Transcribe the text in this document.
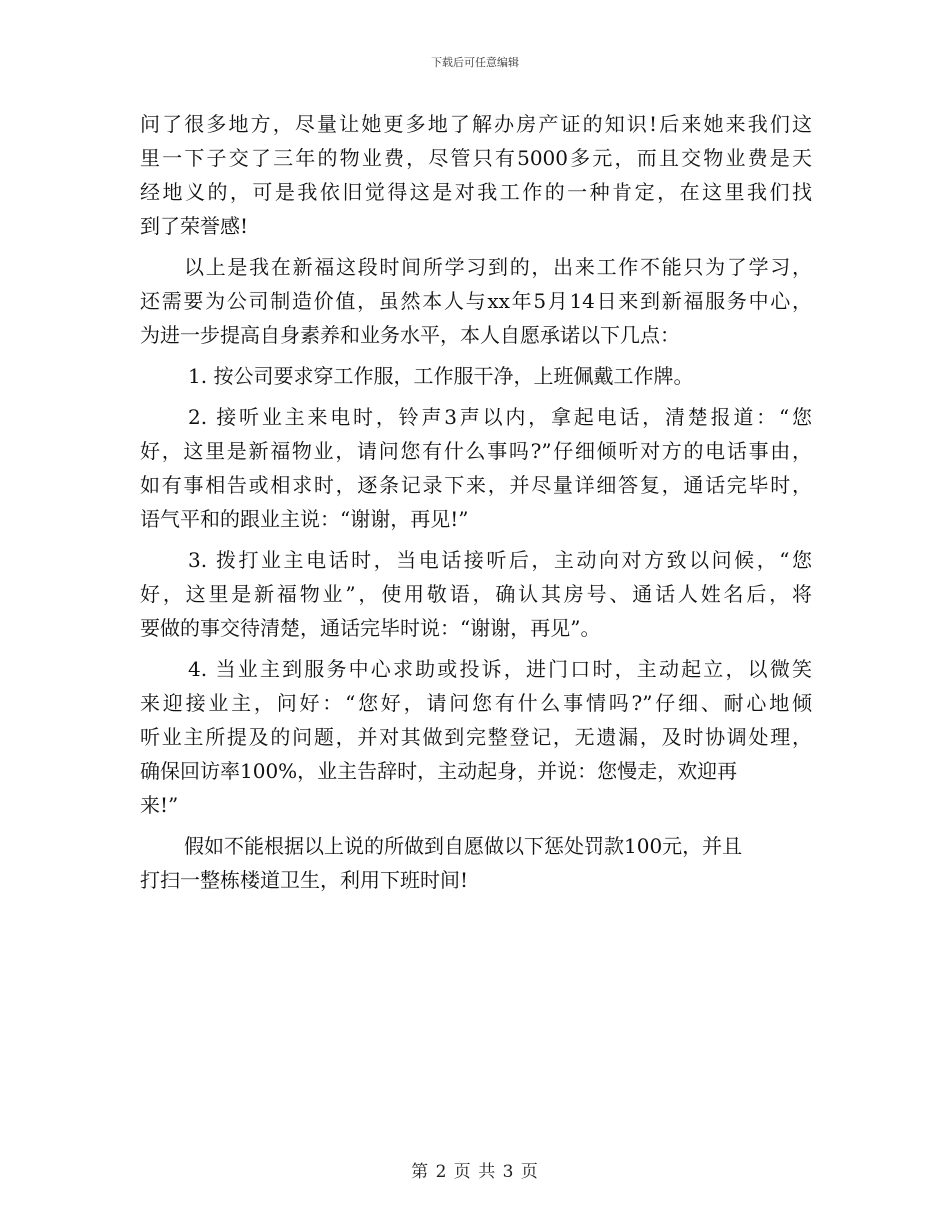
下载后可任意编辑
问了很多地方，尽量让她更多地了解办房产证的知识!后来她来我们这
里一下子交了三年的物业费，尽管只有5000多元，而且交物业费是天
经地义的，可是我依旧觉得这是对我工作的一种肯定，在这里我们找
到了荣誉感!
以上是我在新福这段时间所学习到的，出来工作不能只为了学习，
还需要为公司制造价值，虽然本人与xx年5月14日来到新福服务中心，
为进一步提高自身素养和业务水平，本人自愿承诺以下几点：
1. 按公司要求穿工作服，工作服干净，上班佩戴工作牌。
2. 接听业主来电时，铃声3声以内，拿起电话，清楚报道：“您
好，这里是新福物业，请问您有什么事吗?”仔细倾听对方的电话事由，
如有事相告或相求时，逐条记录下来，并尽量详细答复，通话完毕时，
语气平和的跟业主说：“谢谢，再见!”
3. 拨打业主电话时，当电话接听后，主动向对方致以问候，“您
好，这里是新福物业”，使用敬语，确认其房号、通话人姓名后，将
要做的事交待清楚，通话完毕时说：“谢谢，再见”。
4. 当业主到服务中心求助或投诉，进门口时，主动起立，以微笑
来迎接业主，问好：“您好，请问您有什么事情吗?”仔细、耐心地倾
听业主所提及的问题，并对其做到完整登记，无遗漏，及时协调处理，
确保回访率100%，业主告辞时，主动起身，并说：您慢走，欢迎再
来!”
假如不能根据以上说的所做到自愿做以下惩处罚款100元，并且
打扫一整栋楼道卫生，利用下班时间!
第 2 页 共 3 页
